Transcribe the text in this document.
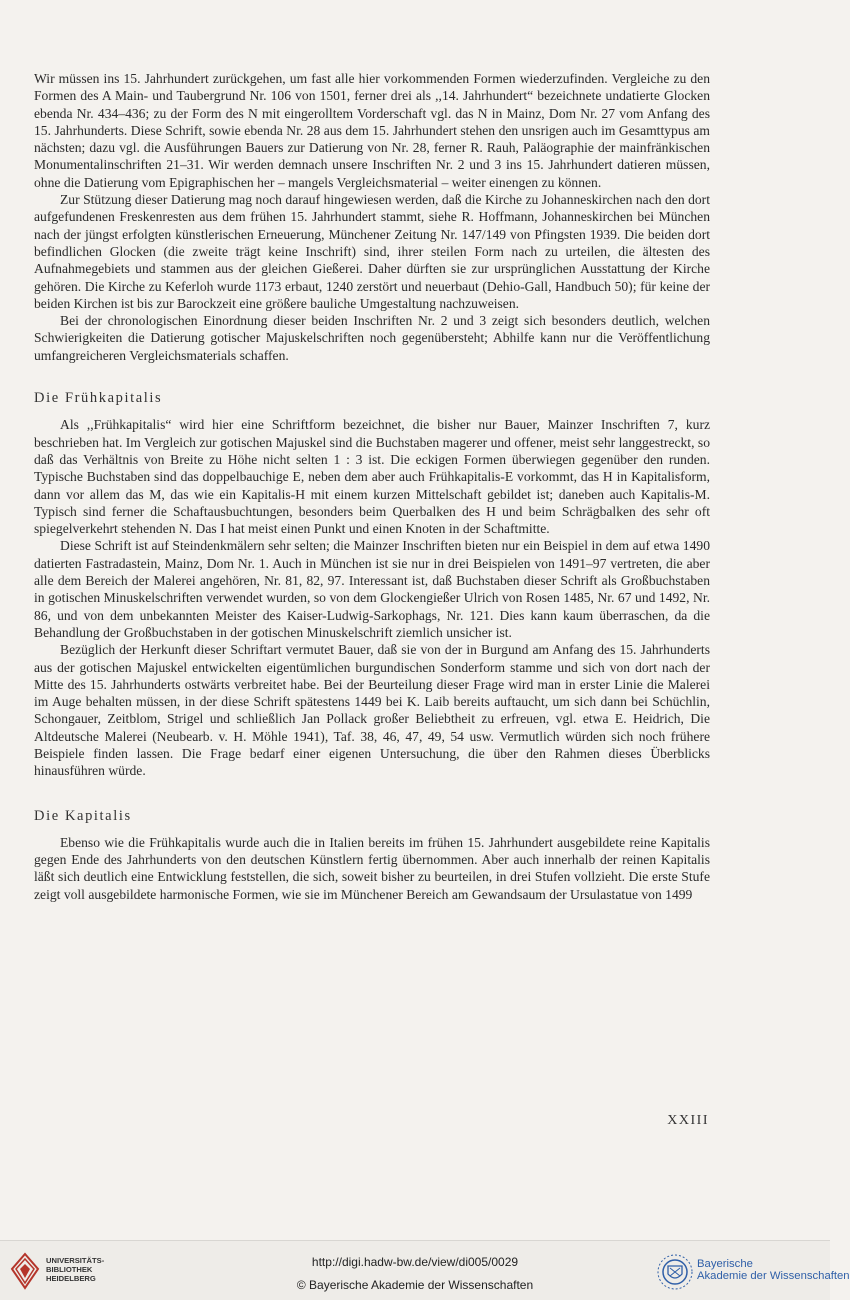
Wir müssen ins 15. Jahrhundert zurückgehen, um fast alle hier vorkommenden Formen wiederzufinden. Vergleiche zu den Formen des A Main- und Taubergrund Nr. 106 von 1501, ferner drei als ,,14. Jahrhundert“ bezeichnete undatierte Glocken ebenda Nr. 434–436; zu der Form des N mit eingerolltem Vorderschaft vgl. das N in Mainz, Dom Nr. 27 vom Anfang des 15. Jahrhunderts. Diese Schrift, sowie ebenda Nr. 28 aus dem 15. Jahrhundert stehen den unsrigen auch im Gesamttypus am nächsten; dazu vgl. die Ausführungen Bauers zur Datierung von Nr. 28, ferner R. Rauh, Paläographie der mainfränkischen Monumentalinschriften 21–31. Wir werden demnach unsere Inschriften Nr. 2 und 3 ins 15. Jahrhundert datieren müssen, ohne die Datierung vom Epigraphischen her – mangels Vergleichsmaterial – weiter einengen zu können.

Zur Stützung dieser Datierung mag noch darauf hingewiesen werden, daß die Kirche zu Johanneskirchen nach den dort aufgefundenen Freskenresten aus dem frühen 15. Jahrhundert stammt, siehe R. Hoffmann, Johanneskirchen bei München nach der jüngst erfolgten künstlerischen Erneuerung, Münchener Zeitung Nr. 147/149 von Pfingsten 1939. Die beiden dort befindlichen Glocken (die zweite trägt keine Inschrift) sind, ihrer steilen Form nach zu urteilen, die ältesten des Aufnahmegebiets und stammen aus der gleichen Gießerei. Daher dürften sie zur ursprünglichen Ausstattung der Kirche gehören. Die Kirche zu Keferloh wurde 1173 erbaut, 1240 zerstört und neuerbaut (Dehio-Gall, Handbuch 50); für keine der beiden Kirchen ist bis zur Barockzeit eine größere bauliche Umgestaltung nachzuweisen.

Bei der chronologischen Einordnung dieser beiden Inschriften Nr. 2 und 3 zeigt sich besonders deutlich, welchen Schwierigkeiten die Datierung gotischer Majuskelschriften noch gegenübersteht; Abhilfe kann nur die Veröffentlichung umfangreicheren Vergleichsmaterials schaffen.

Die Frühkapitalis

Als ,,Frühkapitalis“ wird hier eine Schriftform bezeichnet, die bisher nur Bauer, Mainzer Inschriften 7, kurz beschrieben hat. Im Vergleich zur gotischen Majuskel sind die Buchstaben magerer und offener, meist sehr langgestreckt, so daß das Verhältnis von Breite zu Höhe nicht selten 1 : 3 ist. Die eckigen Formen überwiegen gegenüber den runden. Typische Buchstaben sind das doppelbauchige E, neben dem aber auch Frühkapitalis-E vorkommt, das H in Kapitalisform, dann vor allem das M, das wie ein Kapitalis-H mit einem kurzen Mittelschaft gebildet ist; daneben auch Kapitalis-M. Typisch sind ferner die Schaftausbuchtungen, besonders beim Querbalken des H und beim Schrägbalken des sehr oft spiegelverkehrt stehenden N. Das I hat meist einen Punkt und einen Knoten in der Schaftmitte.

Diese Schrift ist auf Steindenkmälern sehr selten; die Mainzer Inschriften bieten nur ein Beispiel in dem auf etwa 1490 datierten Fastradastein, Mainz, Dom Nr. 1. Auch in München ist sie nur in drei Beispielen von 1491–97 vertreten, die aber alle dem Bereich der Malerei angehören, Nr. 81, 82, 97. Interessant ist, daß Buchstaben dieser Schrift als Großbuchstaben in gotischen Minuskelschriften verwendet wurden, so von dem Glockengießer Ulrich von Rosen 1485, Nr. 67 und 1492, Nr. 86, und von dem unbekannten Meister des Kaiser-Ludwig-Sarkophags, Nr. 121. Dies kann kaum überraschen, da die Behandlung der Großbuchstaben in der gotischen Minuskelschrift ziemlich unsicher ist.

Bezüglich der Herkunft dieser Schriftart vermutet Bauer, daß sie von der in Burgund am Anfang des 15. Jahrhunderts aus der gotischen Majuskel entwickelten eigentümlichen burgundischen Sonderform stamme und sich von dort nach der Mitte des 15. Jahrhunderts ostwärts verbreitet habe. Bei der Beurteilung dieser Frage wird man in erster Linie die Malerei im Auge behalten müssen, in der diese Schrift spätestens 1449 bei K. Laib bereits auftaucht, um sich dann bei Schüchlin, Schongauer, Zeitblom, Strigel und schließlich Jan Pollack großer Beliebtheit zu erfreuen, vgl. etwa E. Heidrich, Die Altdeutsche Malerei (Neubearb. v. H. Möhle 1941), Taf. 38, 46, 47, 49, 54 usw. Vermutlich würden sich noch frühere Beispiele finden lassen. Die Frage bedarf einer eigenen Untersuchung, die über den Rahmen dieses Überblicks hinausführen würde.

Die Kapitalis

Ebenso wie die Frühkapitalis wurde auch die in Italien bereits im frühen 15. Jahrhundert ausgebildete reine Kapitalis gegen Ende des Jahrhunderts von den deutschen Künstlern fertig übernommen. Aber auch innerhalb der reinen Kapitalis läßt sich deutlich eine Entwicklung feststellen, die sich, soweit bisher zu beurteilen, in drei Stufen vollzieht. Die erste Stufe zeigt voll ausgebildete harmonische Formen, wie sie im Münchener Bereich am Gewandsaum der Ursulastatue von 1499

XXIII
UNIVERSITÄTS-
BIBLIOTHEK
HEIDELBERG
http://digi.hadw-bw.de/view/di005/0029
© Bayerische Akademie der Wissenschaften
Bayerische
Akademie der Wissenschaften
